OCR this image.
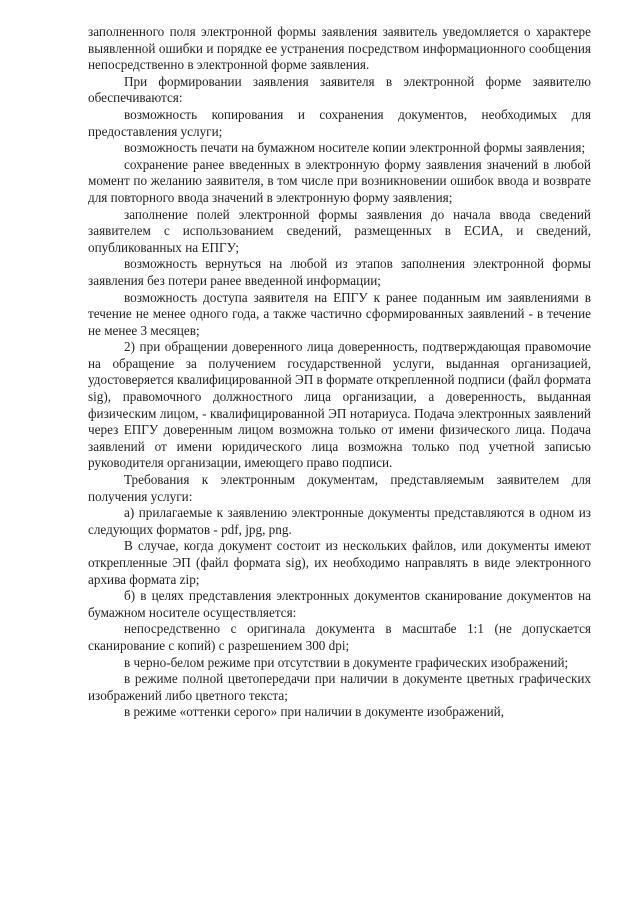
заполненного поля электронной формы заявления заявитель уведомляется о характере выявленной ошибки и порядке ее устранения посредством информационного сообщения непосредственно в электронной форме заявления.

При формировании заявления заявителя в электронной форме заявителю обеспечиваются:

возможность копирования и сохранения документов, необходимых для предоставления услуги;

возможность печати на бумажном носителе копии электронной формы заявления;

сохранение ранее введенных в электронную форму заявления значений в любой момент по желанию заявителя, в том числе при возникновении ошибок ввода и возврате для повторного ввода значений в электронную форму заявления;

заполнение полей электронной формы заявления до начала ввода сведений заявителем с использованием сведений, размещенных в ЕСИА, и сведений, опубликованных на ЕПГУ;

возможность вернуться на любой из этапов заполнения электронной формы заявления без потери ранее введенной информации;

возможность доступа заявителя на ЕПГУ к ранее поданным им заявлениями в течение не менее одного года, а также частично сформированных заявлений - в течение не менее 3 месяцев;

2) при обращении доверенного лица доверенность, подтверждающая правомочие на обращение за получением государственной услуги, выданная организацией, удостоверяется квалифицированной ЭП в формате открепленной подписи (файл формата sig), правомочного должностного лица организации, а доверенность, выданная физическим лицом, - квалифицированной ЭП нотариуса. Подача электронных заявлений через ЕПГУ доверенным лицом возможна только от имени физического лица. Подача заявлений от имени юридического лица возможна только под учетной записью руководителя организации, имеющего право подписи.

Требования к электронным документам, представляемым заявителем для получения услуги:

а) прилагаемые к заявлению электронные документы представляются в одном из следующих форматов - pdf, jpg, png.

В случае, когда документ состоит из нескольких файлов, или документы имеют открепленные ЭП (файл формата sig), их необходимо направлять в виде электронного архива формата zip;

б) в целях представления электронных документов сканирование документов на бумажном носителе осуществляется:

непосредственно с оригинала документа в масштабе 1:1 (не допускается сканирование с копий) с разрешением 300 dpi;

в черно-белом режиме при отсутствии в документе графических изображений;

в режиме полной цветопередачи при наличии в документе цветных графических изображений либо цветного текста;

в режиме «оттенки серого» при наличии в документе изображений,
